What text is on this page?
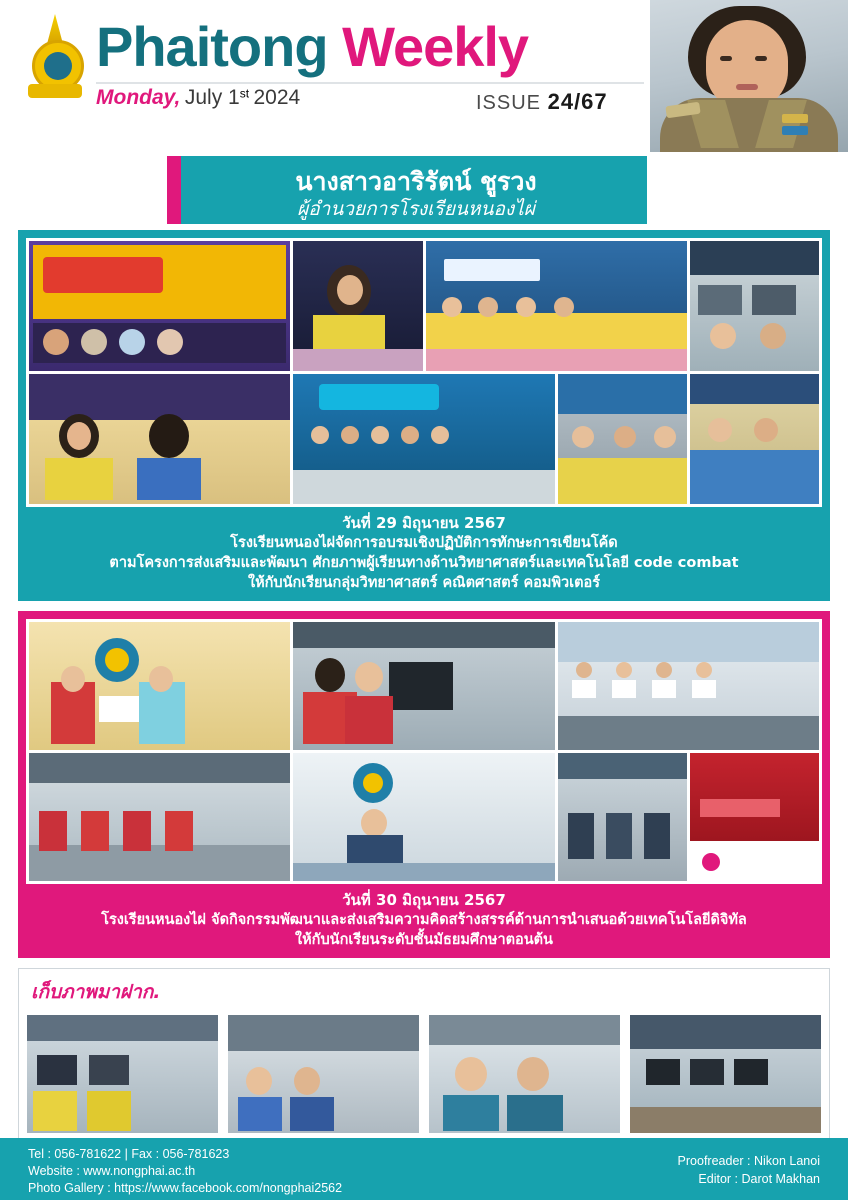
Phaitong Weekly
Monday, July 1st 2024	ISSUE 24/67
นางสาวอาริรัตน์ ชูรวง
ผู้อำนวยการโรงเรียนหนองไผ่
วันที่ 29 มิถุนายน 2567
โรงเรียนหนองไผ่จัดการอบรมเชิงปฏิบัติการทักษะการเขียนโค้ด
ตามโครงการส่งเสริมและพัฒนา ศักยภาพผู้เรียนทางด้านวิทยาศาสตร์และเทคโนโลยี code combat
ให้กับนักเรียนกลุ่มวิทยาศาสตร์ คณิตศาสตร์ คอมพิวเตอร์
วันที่ 30 มิถุนายน 2567
โรงเรียนหนองไผ่ จัดกิจกรรมพัฒนาและส่งเสริมความคิดสร้างสรรค์ด้านการนำเสนอด้วยเทคโนโลยีดิจิทัล
ให้กับนักเรียนระดับชั้นมัธยมศึกษาตอนต้น
เก็บภาพมาฝาก.
Tel : 056-781622 | Fax : 056-781623
Website : www.nongphai.ac.th
Photo Gallery : https://www.facebook.com/nongphai2562
Proofreader : Nikon Lanoi
Editor : Darot Makhan
